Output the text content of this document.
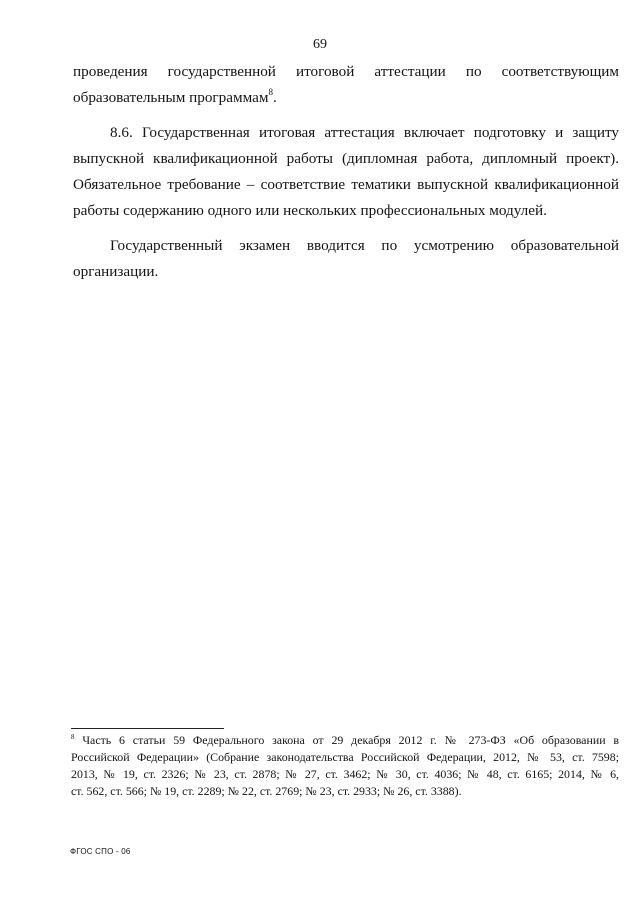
69
проведения государственной итоговой аттестации по соответствующим
образовательным программам$^8$.
8.6. Государственная итоговая аттестация включает подготовку и защиту
выпускной квалификационной работы (дипломная работа, дипломный проект).
Обязательное требование – соответствие тематики выпускной квалификационной
работы содержанию одного или нескольких профессиональных модулей.
Государственный экзамен вводится по усмотрению образовательной
организации.
$^8$ Часть 6 статьи 59 Федерального закона от 29 декабря 2012 г. № 273-ФЗ «Об образовании в
Российской Федерации» (Собрание законодательства Российской Федерации, 2012, № 53, ст. 7598;
2013, № 19, ст. 2326; № 23, ст. 2878; № 27, ст. 3462; № 30, ст. 4036; № 48, ст. 6165; 2014, № 6,
ст. 562, ст. 566; № 19, ст. 2289; № 22, ст. 2769; № 23, ст. 2933; № 26, ст. 3388).
ФГОС СПО - 06
